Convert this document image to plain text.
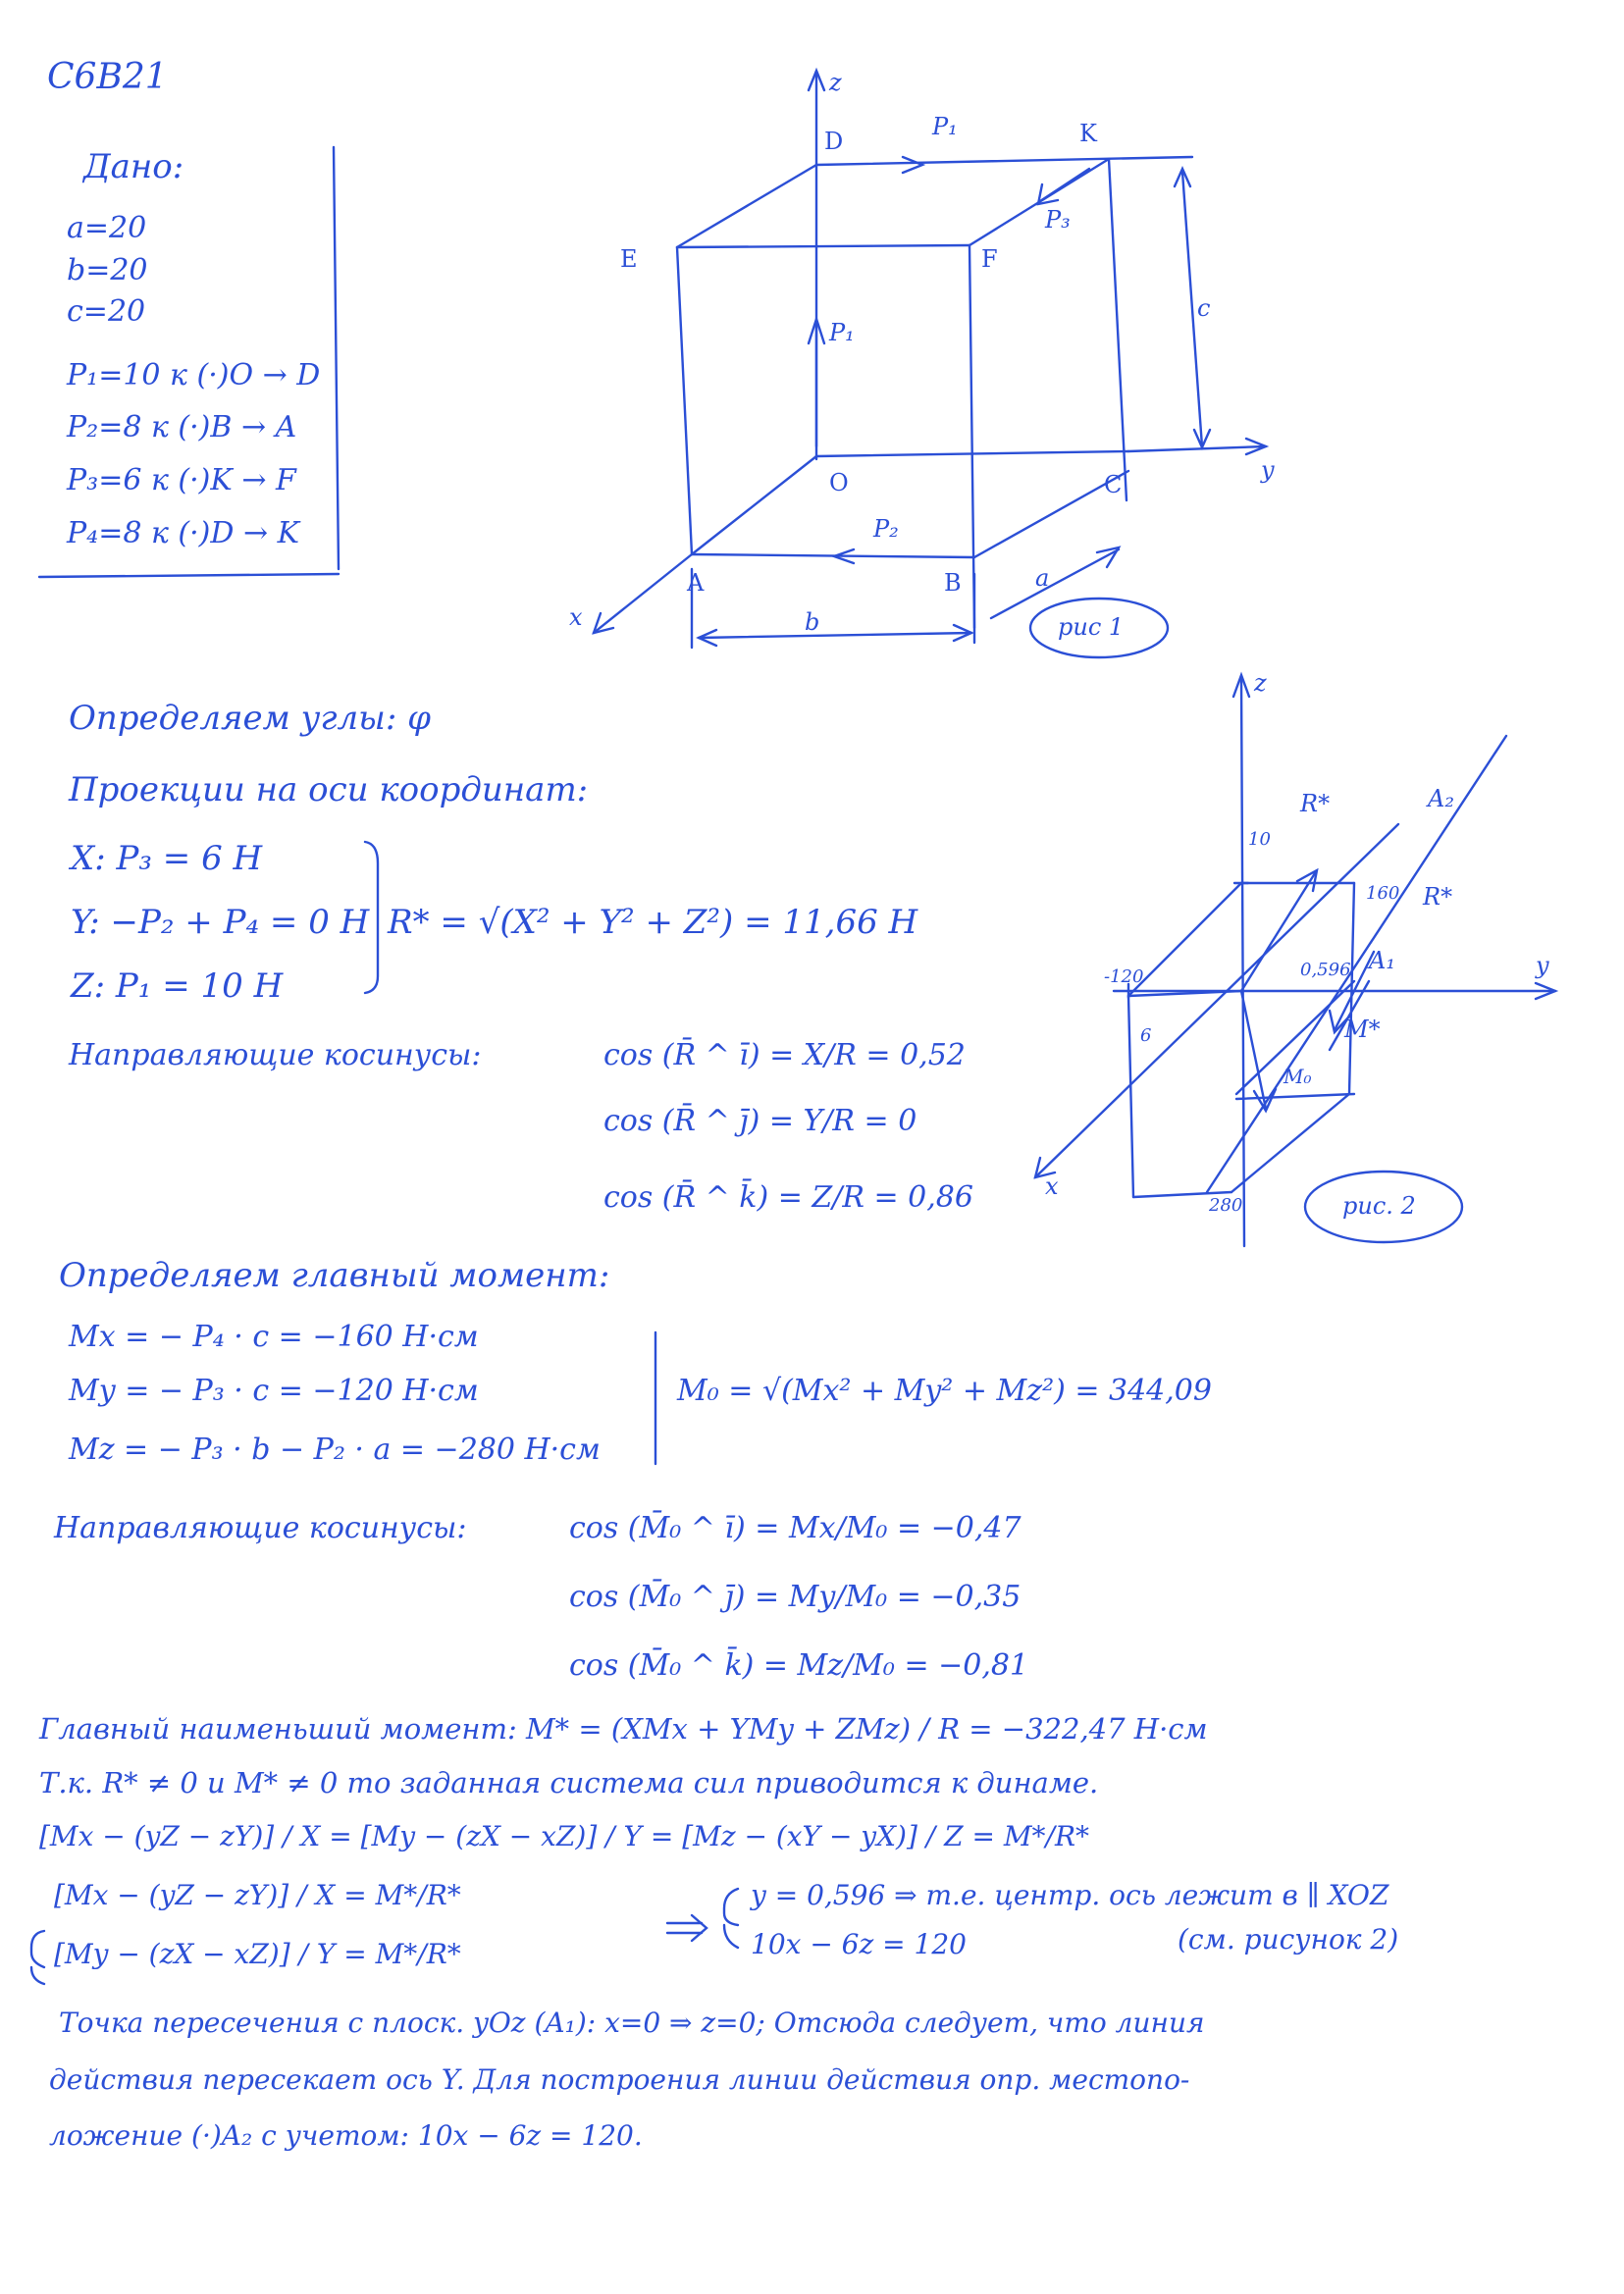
C6B21
Дано:
a=20
b=20
c=20
P₁=10 к (·)O → D
P₂=8 к (·)B → A
P₃=6 к (·)K → F
P₄=8 к (·)D → K
z
D
P₁	K
P₃
E	F
c
P₁
O	y
C
P₂
A	B	a
x	b	рис 1
z
A₂
R*
10
160 R*
-120	0,596 A₁	y
6	M*
M₀
x
280	рис. 2
Определяем углы: φ
Проекции на оси координат:
X: P₃ = 6 H
Y: −P₂ + P₄ = 0 H
Z: P₁ = 10 H
R* = √(X² + Y² + Z²) = 11,66 H
Направляющие косинусы:	cos (R̄ ^ ī) = X/R = 0,52
cos (R̄ ^ j̄) = Y/R = 0
cos (R̄ ^ k̄) = Z/R = 0,86
Определяем главный момент:
Mx = − P₄ · c = −160 H·см
My = − P₃ · c = −120 H·см
Mz = − P₃ · b − P₂ · a = −280 H·см
M₀ = √(Mx² + My² + Mz²) = 344,09
Направляющие косинусы:	cos (M̄₀ ^ ī) = Mx/M₀ = −0,47
cos (M̄₀ ^ j̄) = My/M₀ = −0,35
cos (M̄₀ ^ k̄) = Mz/M₀ = −0,81
Главный наименьший момент: M* = (XMx + YMy + ZMz) / R = −322,47 H·см
Т.к. R* ≠ 0 и M* ≠ 0 то заданная система сил приводится к динаме.
[Mx − (yZ − zY)] / X = [My − (zX − xZ)] / Y = [Mz − (xY − yX)] / Z = M*/R*
[Mx − (yZ − zY)] / X = M*/R*
[My − (zX − xZ)] / Y = M*/R*
y = 0,596 ⇒ т.е. центр. ось лежит в ∥ XOZ
10x − 6z = 120	(см. рисунок 2)
Точка пересечения с плоск. yOz (A₁): x=0 ⇒ z=0; Отсюда следует, что линия
действия пересекает ось Y. Для построения линии действия опр. местопо-
ложение (·)A₂ с учетом: 10x − 6z = 120.
